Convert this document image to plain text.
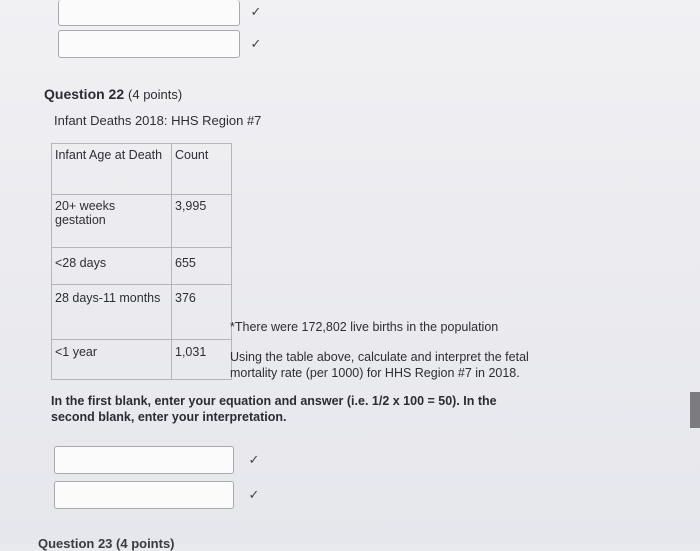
✓
✓
Question 22 (4 points)
Infant Deaths 2018: HHS Region #7
Infant Age at Death	Count
20+ weeks gestation	3,995
<28 days	655
28 days-11 months	376
<1 year	1,031
*There were 172,802 live births in the population
Using the table above, calculate and interpret the fetal mortality rate (per 1000) for HHS Region #7 in 2018.
In the first blank, enter your equation and answer (i.e. 1/2 x 100 = 50). In the second blank, enter your interpretation.
✓
✓
Question 23 (4 points)
